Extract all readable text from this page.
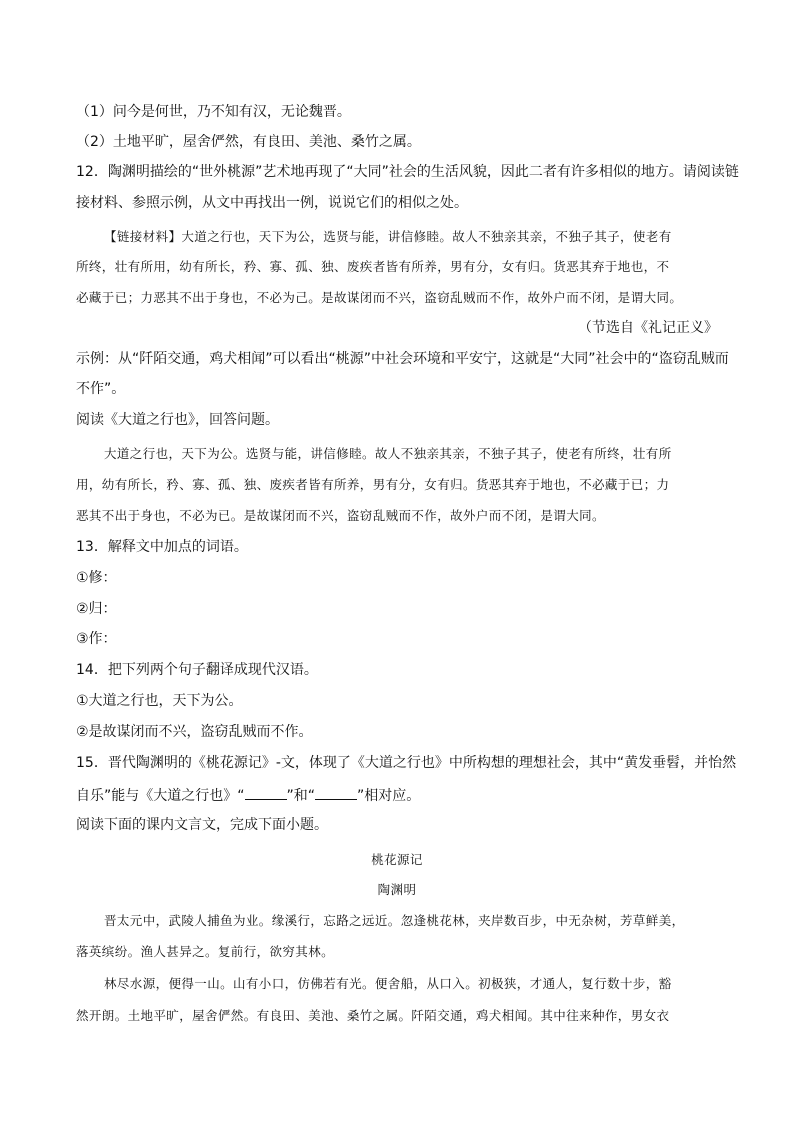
（1）问今是何世，乃不知有汉，无论魏晋。
（2）土地平旷，屋舍俨然，有良田、美池、桑竹之属。
12．陶渊明描绘的“世外桃源”艺术地再现了“大同”社会的生活风貌，因此二者有许多相似的地方。请阅读链
接材料、参照示例，从文中再找出一例，说说它们的相似之处。
【链接材料】大道之行也，天下为公，选贤与能，讲信修睦。故人不独亲其亲，不独子其子，使老有
所终，壮有所用，幼有所长，矜、寡、孤、独、废疾者皆有所养，男有分，女有归。货恶其弃于地也，不
必藏于已；力恶其不出于身也，不必为己。是故谋闭而不兴，盗窃乱贼而不作，故外户而不闭，是谓大同。
（节选自《礼记正义》
示例：从“阡陌交通，鸡犬相闻”可以看出“桃源”中社会环境和平安宁，这就是“大同”社会中的“盗窃乱贼而
不作”。
阅读《大道之行也》，回答问题。
大道之行也，天下为公。选贤与能，讲信修睦。故人不独亲其亲，不独子其子，使老有所终，壮有所
用，幼有所长，矜、寡、孤、独、废疾者皆有所养，男有分，女有归。货恶其弃于地也，不必藏于已；力
恶其不出于身也，不必为已。是故谋闭而不兴，盗窃乱贼而不作，故外户而不闭，是谓大同。
13．解释文中加点的词语。
①修：
②归：
③作：
14．把下列两个句子翻译成现代汉语。
①大道之行也，天下为公。
②是故谋闭而不兴，盗窃乱贼而不作。
15．晋代陶渊明的《桃花源记》-文，体现了《大道之行也》中所构想的理想社会，其中“黄发垂髫，并怡然
自乐”能与《大道之行也》“	”和“	”相对应。
阅读下面的课内文言文，完成下面小题。
桃花源记
陶渊明
晋太元中，武陵人捕鱼为业。缘溪行，忘路之远近。忽逢桃花林，夹岸数百步，中无杂树，芳草鲜美，
落英缤纷。渔人甚异之。复前行，欲穷其林。
林尽水源，便得一山。山有小口，仿佛若有光。便舍船，从口入。初极狭，才通人，复行数十步，豁
然开朗。土地平旷，屋舍俨然。有良田、美池、桑竹之属。阡陌交通，鸡犬相闻。其中往来种作，男女衣
